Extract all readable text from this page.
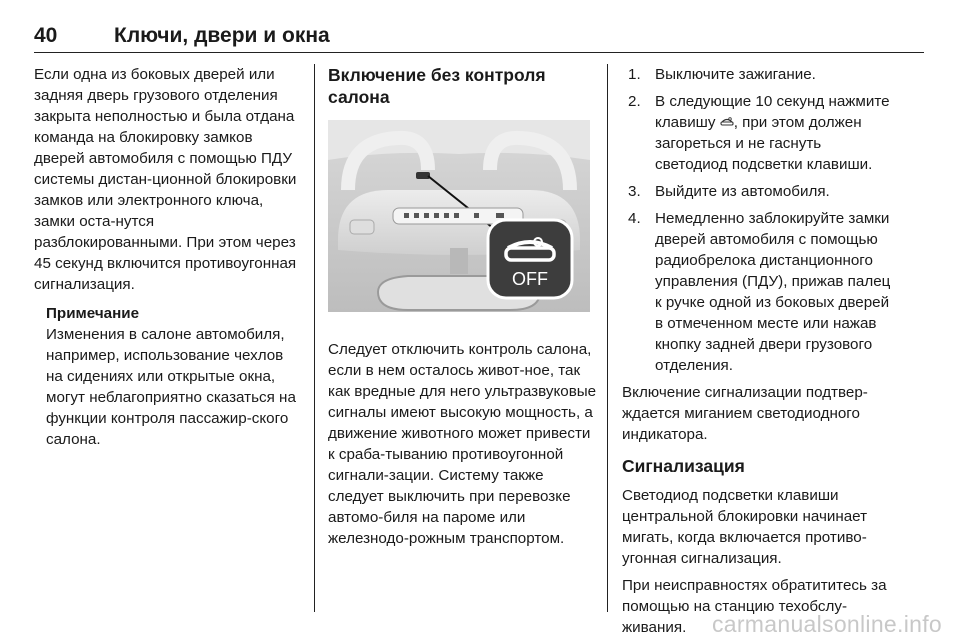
40	Ключи, двери и окна

Если одна из боковых дверей или задняя дверь грузового отделения закрыта неполностью и была отдана команда на блокировку замков дверей автомобиля с помощью ПДУ системы дистан-ционной блокировки замков или электронного ключа, замки оста-нутся разблокированными. При этом через 45 секунд включится противоугонная сигнализация.

Примечание
Изменения в салоне автомобиля, например, использование чехлов на сидениях или открытые окна, могут неблагоприятно сказаться на функции контроля пассажир-ского салона.
Включение без контроля салона
OFF

Следует отключить контроль салона, если в нем осталось живот-ное, так как вредные для него ультразвуковые сигналы имеют высокую мощность, а движение животного может привести к сраба-тыванию противоугонной сигнали-зации. Систему также следует выключить при перевозке автомо-биля на пароме или железнодо-рожным транспортом.

1. Выключите зажигание.
2. В следующие 10 секунд нажмите клавишу , при этом должен загореться и не гаснуть светодиод подсветки клавиши.
3. Выйдите из автомобиля.
4. Немедленно заблокируйте замки дверей автомобиля с помощью радиобрелока дистанционного управления (ПДУ), прижав палец к ручке одной из боковых дверей в отмеченном месте или нажав кнопку задней двери грузового отделения.

Включение сигнализации подтвер-ждается миганием светодиодного индикатора.

Сигнализация

Светодиод подсветки клавиши центральной блокировки начинает мигать, когда включается противо-угонная сигнализация.

При неисправностях обратититесь за помощью на станцию техобслу-живания.	carmanualsonline.info
